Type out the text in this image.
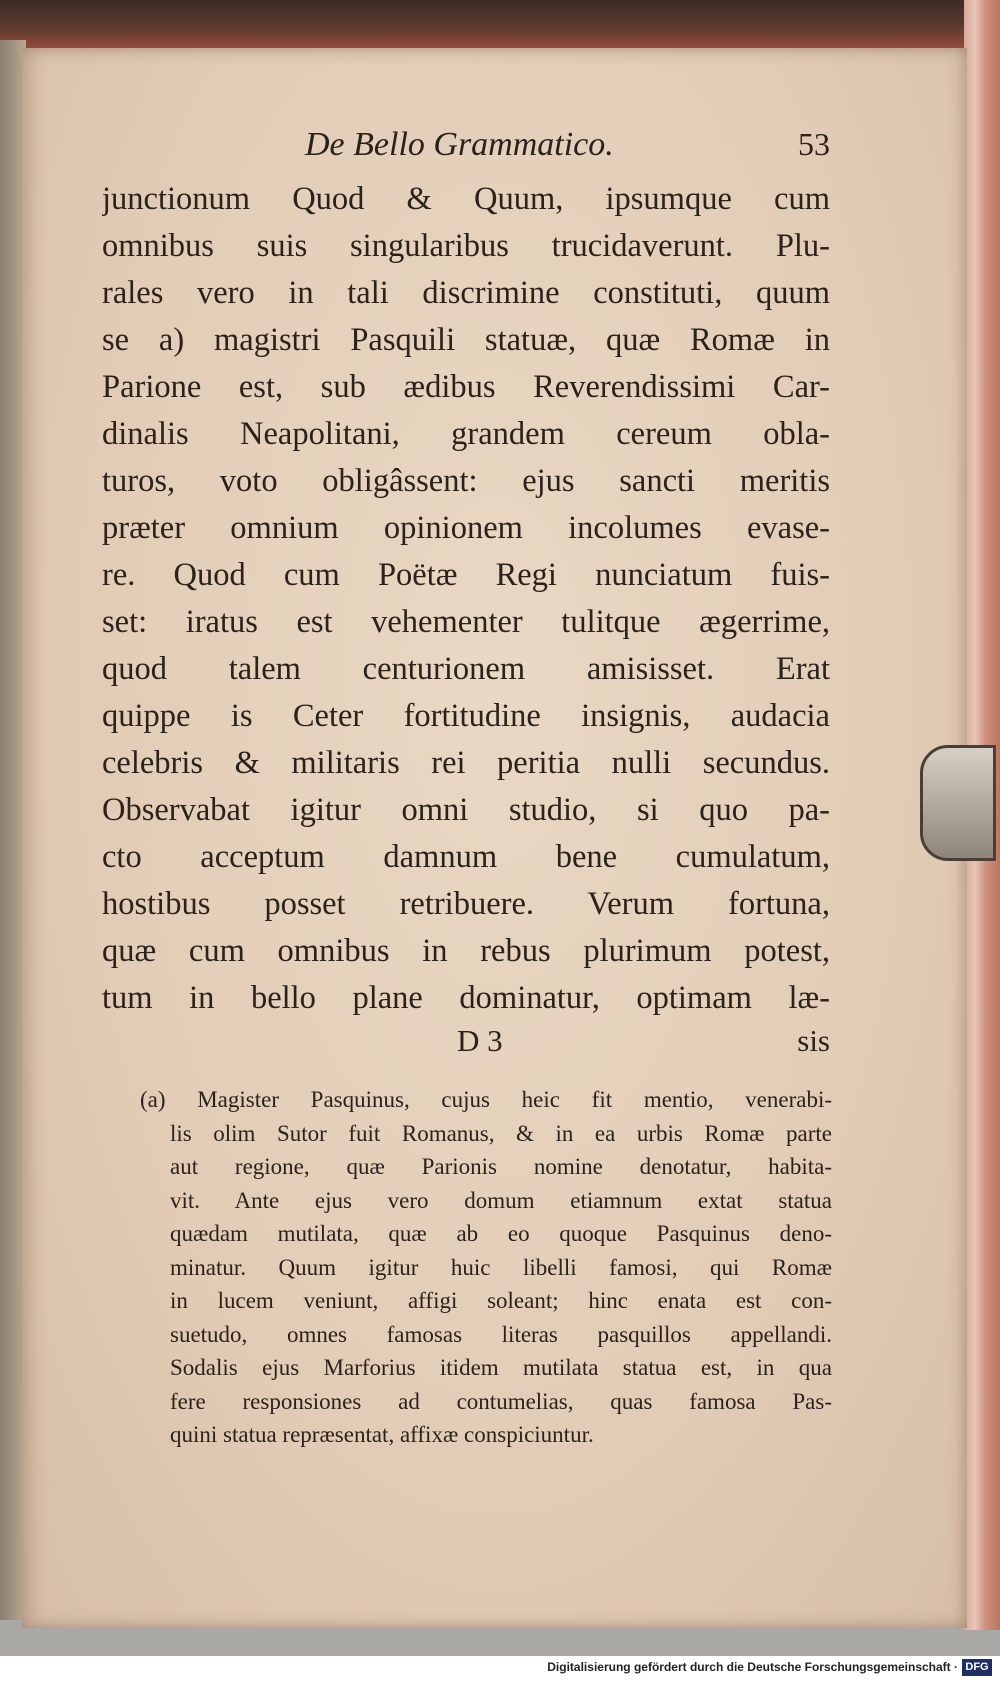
De Bello Grammatico.	53
junctionum Quod & Quum, ipsumque cum
omnibus suis singularibus trucidaverunt. Plu-
rales vero in tali discrimine constituti, quum
se a) magistri Pasquili statuæ, quæ Romæ in
Parione est, sub ædibus Reverendissimi Car-
dinalis Neapolitani, grandem cereum obla-
turos, voto obligâssent: ejus sancti meritis
præter omnium opinionem incolumes evase-
re. Quod cum Poëtæ Regi nunciatum fuis-
set: iratus est vehementer tulitque ægerrime,
quod talem centurionem amisisset. Erat
quippe is Ceter fortitudine insignis, audacia
celebris & militaris rei peritia nulli secundus.
Observabat igitur omni studio, si quo pa-
cto acceptum damnum bene cumulatum,
hostibus posset retribuere. Verum fortuna,
quæ cum omnibus in rebus plurimum potest,
tum in bello plane dominatur, optimam læ-
D 3	sis
(a) Magister Pasquinus, cujus heic fit mentio, venerabi-
lis olim Sutor fuit Romanus, & in ea urbis Romæ parte
aut regione, quæ Parionis nomine denotatur, habita-
vit. Ante ejus vero domum etiamnum extat statua
quædam mutilata, quæ ab eo quoque Pasquinus deno-
minatur. Quum igitur huic libelli famosi, qui Romæ
in lucem veniunt, affigi soleant; hinc enata est con-
suetudo, omnes famosas literas pasquillos appellandi.
Sodalis ejus Marforius itidem mutilata statua est, in qua
fere responsiones ad contumelias, quas famosa Pas-
quini statua repræsentat, affixæ conspiciuntur.
Digitalisierung gefördert durch die Deutsche Forschungsgemeinschaft · DFG
